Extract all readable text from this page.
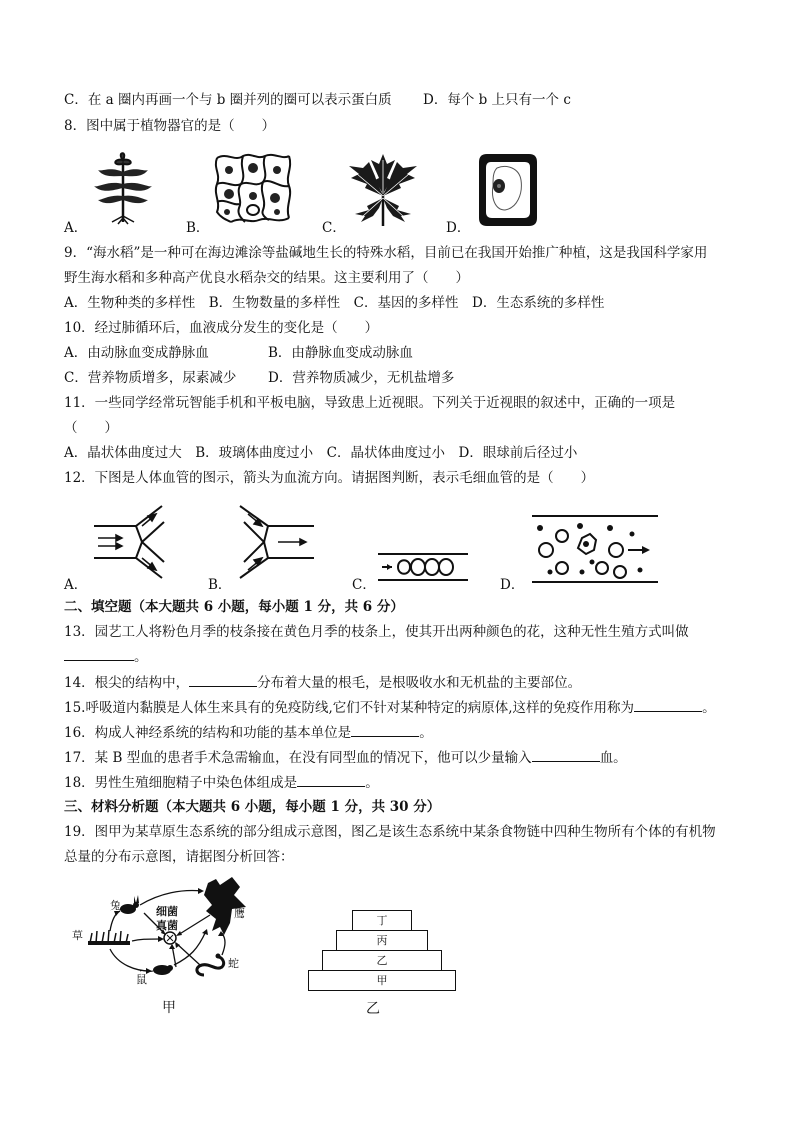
C．在 a 圈内再画一个与 b 圈并列的圈可以表示蛋白质 D．每个 b 上只有一个 c
8．图中属于植物器官的是（　　）
A．	B．	C．	D．
9．“海水稻”是一种可在海边滩涂等盐碱地生长的特殊水稻，目前已在我国开始推广种植，这是我国科学家用
野生海水稻和多种高产优良水稻杂交的结果。这主要利用了（　　）
A．生物种类的多样性　B．生物数量的多样性　C．基因的多样性　D．生态系统的多样性
10．经过肺循环后，血液成分发生的变化是（　　）
A．由动脉血变成静脉血	B．由静脉血变成动脉血
C．营养物质增多，尿素减少 D．营养物质减少，无机盐增多
11．一些同学经常玩智能手机和平板电脑，导致患上近视眼。下列关于近视眼的叙述中，正确的一项是
（　　）
A．晶状体曲度过大　B．玻璃体曲度过小　C．晶状体曲度过小　D．眼球前后径过小
12．下图是人体血管的图示，箭头为血流方向。请据图判断，表示毛细血管的是（　　）
A．	B．	C．	D．
二、填空题（本大题共 6 小题，每小题 1 分，共 6 分）
13．园艺工人将粉色月季的枝条接在黄色月季的枝条上，使其开出两种颜色的花，这种无性生殖方式叫做
。
14．根尖的结构中，	分布着大量的根毛，是根吸收水和无机盐的主要部位。
15.呼吸道内黏膜是人体生来具有的免疫防线,它们不针对某种特定的病原体,这样的免疫作用称为	。
16．构成人神经系统的结构和功能的基本单位是	。
17．某 B 型血的患者手术急需输血，在没有同型血的情况下，他可以少量输入	血。
18．男性生殖细胞精子中染色体组成是	。
三、材料分析题（本大题共 6 小题，每小题 1 分，共 30 分）
19．图甲为某草原生态系统的部分组成示意图，图乙是该生态系统中某条食物链中四种生物所有个体的有机物
总量的分布示意图，请据图分析回答：
草
兔	细菌
真菌
鹰
鼠
蛇
甲
丁
丙
乙
甲
乙
